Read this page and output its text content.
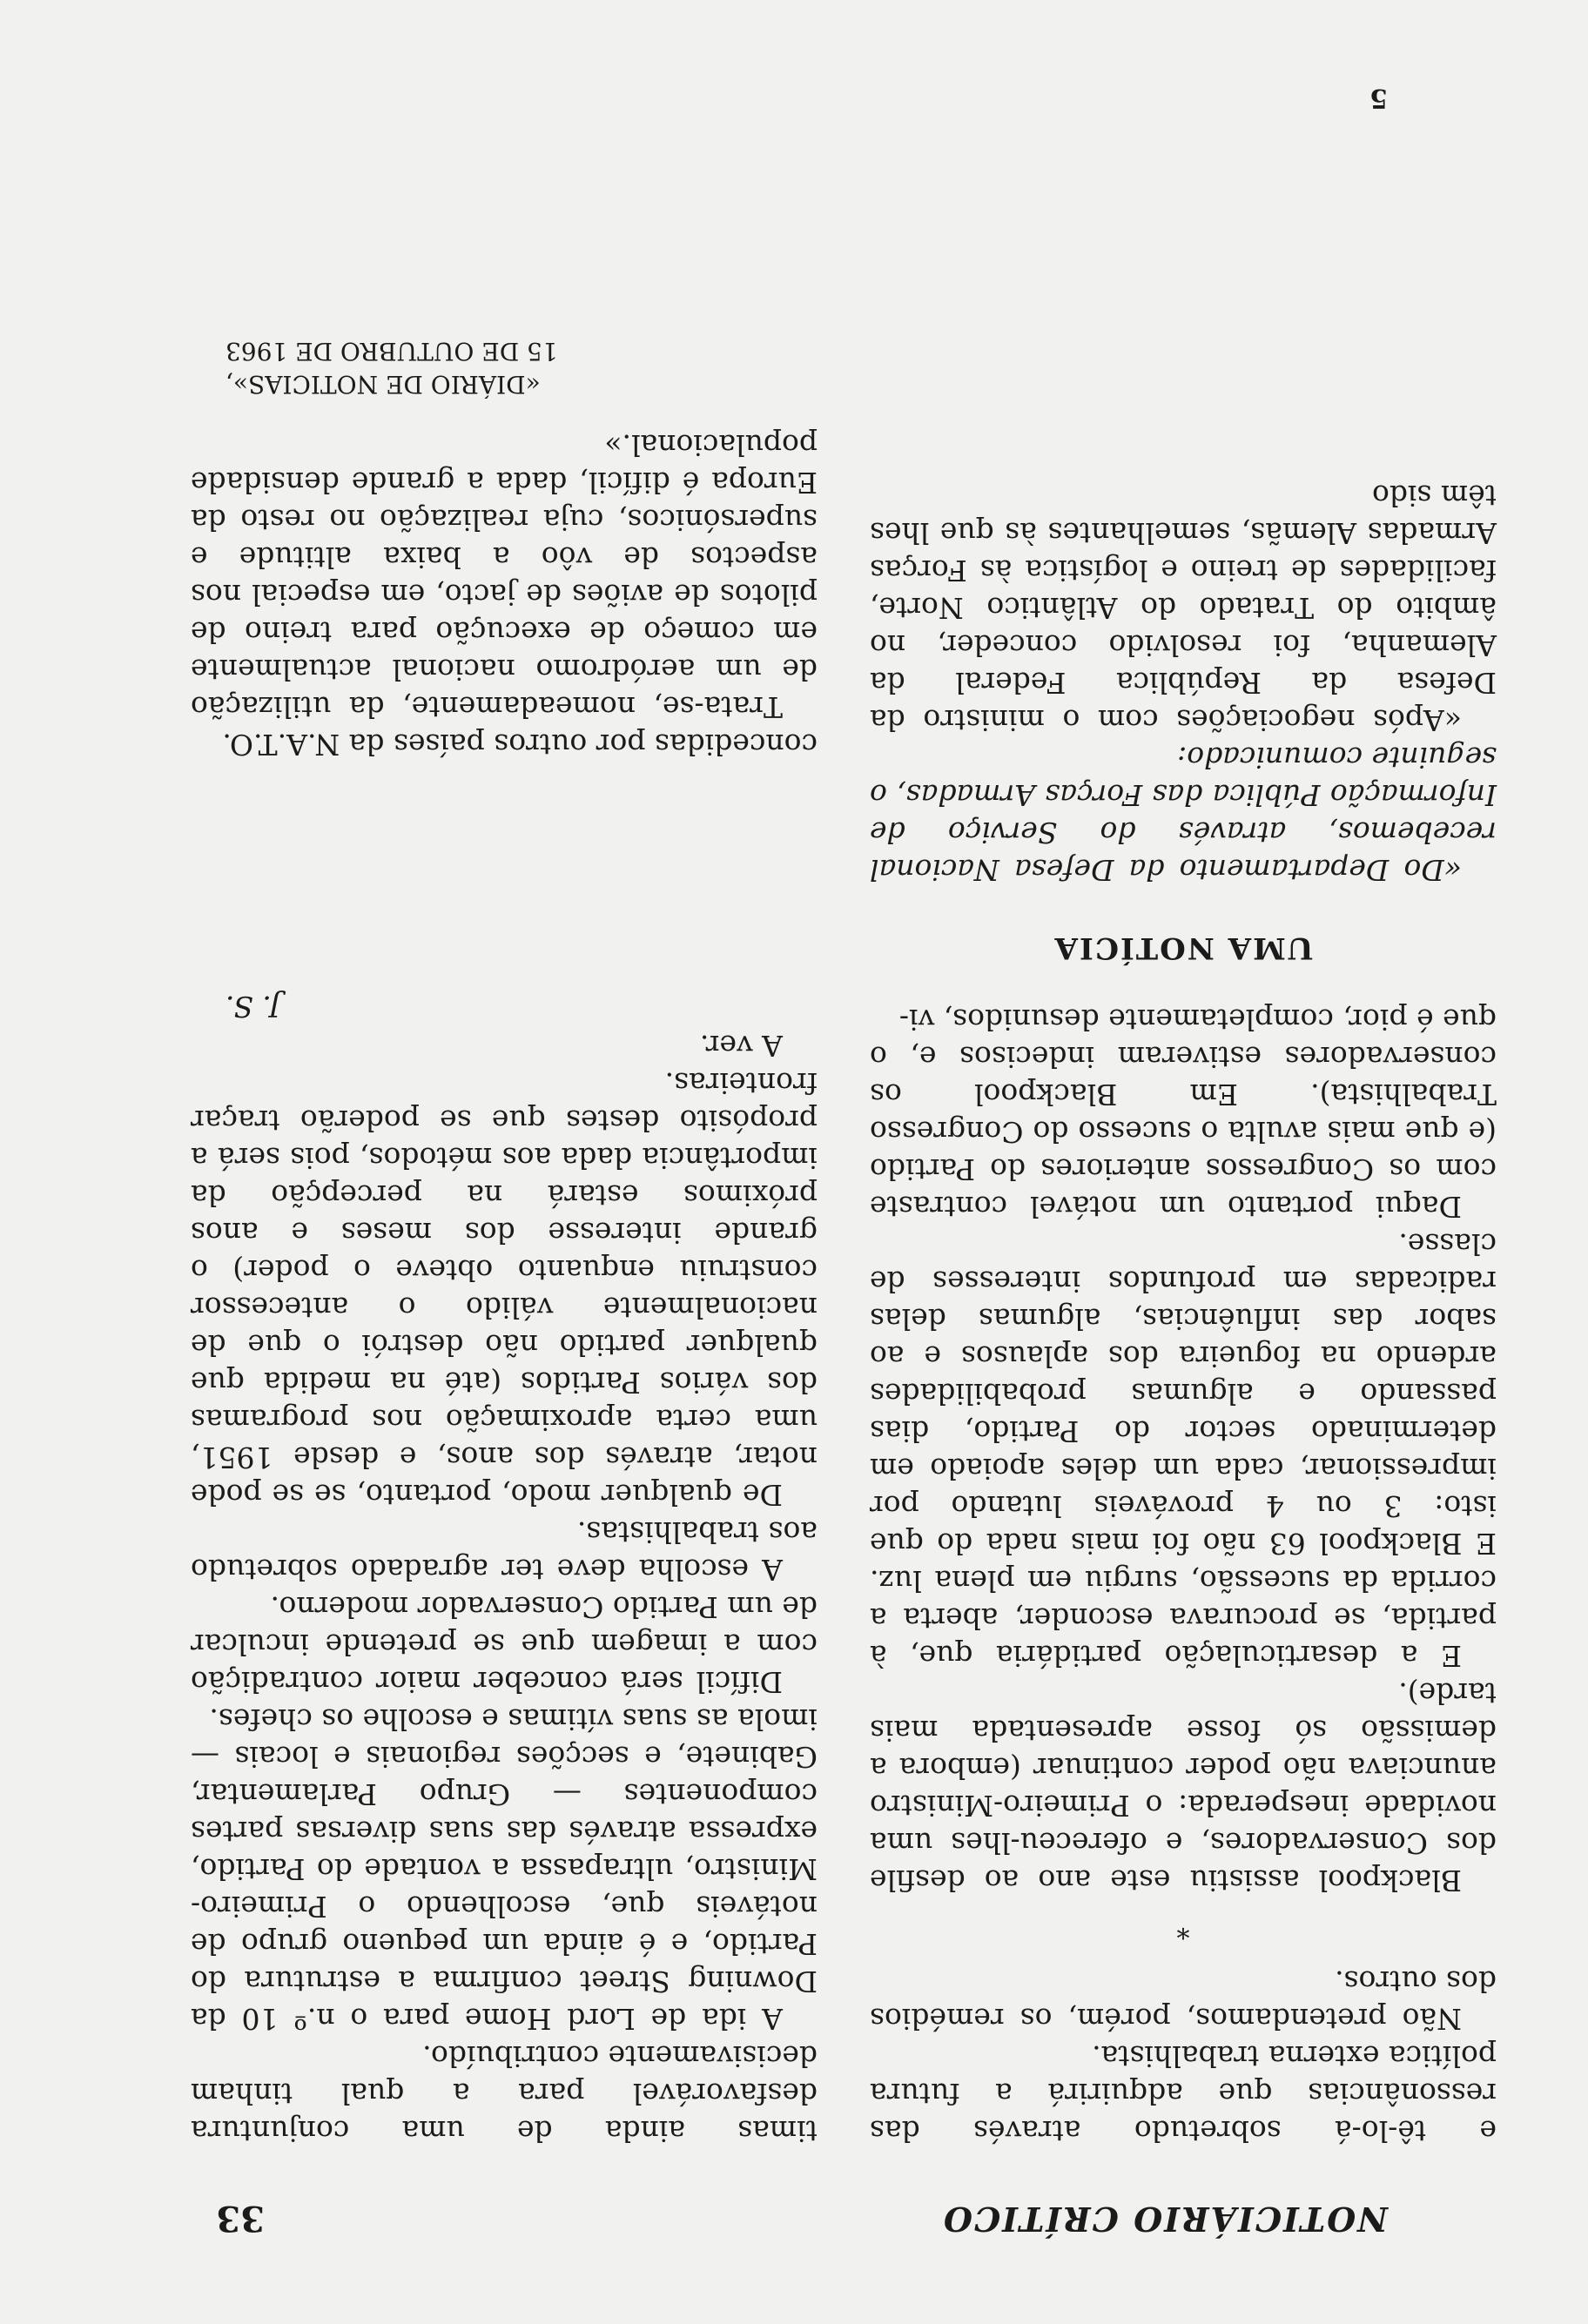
NOTICIÁRIO CRÍTICO
33

e tê-lo-á sobretudo através das ressonâncias que adquirirá a futura política externa trabalhista.

Não pretendamos, porém, os remédios dos outros.

*

Blackpool assistiu este ano ao desfile dos Conservadores, e ofereceu-lhes uma novidade inesperada: o Primeiro-Ministro anunciava não poder continuar (embora a demissão só fosse apresentada mais tarde).

E a desarticulação partidária que, à partida, se procurava esconder, aberta a corrida da sucessão, surgiu em plena luz. E Blackpool 63 não foi mais nada do que isto: 3 ou 4 prováveis lutando por impressionar, cada um deles apoiado em determinado sector do Partido, dias passando e algumas probabilidades ardendo na fogueira dos aplausos e ao sabor das influências, algumas delas radicadas em profundos interesses de classe.

Daqui portanto um notável contraste com os Congressos anteriores do Partido (e que mais avulta o sucesso do Congresso Trabalhista). Em Blackpool os conservadores estiveram indecisos e, o que é pior, completamente desunidos, vi-

UMA NOTÍCIA

«Do Departamento da Defesa Nacional recebemos, através do Serviço de Informação Pública das Forças Armadas, o seguinte comunicado:

«Após negociações com o ministro da Defesa da República Federal da Alemanha, foi resolvido conceder, no âmbito do Tratado do Atlântico Norte, facilidades de treino e logística às Forças Armadas Alemãs, semelhantes às que lhes têm sido

timas ainda de uma conjuntura desfavorável para a qual tinham decisivamente contribuído.

A ida de Lord Home para o n.º 10 da Downing Street confirma a estrutura do Partido, e é ainda um pequeno grupo de notáveis que, escolhendo o Primeiro-Ministro, ultrapassa a vontade do Partido, expressa através das suas diversas partes componentes — Grupo Parlamentar, Gabinete, e secções regionais e locais — imola as suas vítimas e escolhe os chefes.

Difícil será conceber maior contradição com a imagem que se pretende inculcar de um Partido Conservador moderno.

A escolha deve ter agradado sobretudo aos trabalhistas.

De qualquer modo, portanto, se se pode notar, através dos anos, e desde 1951, uma certa aproximação nos programas dos vários Partidos (até na medida que qualquer partido não destrói o que de nacionalmente válido o antecessor construiu enquanto obteve o poder) o grande interesse dos meses e anos próximos estará na percepção da importância dada aos métodos, pois será a propósito destes que se poderão traçar fronteiras.

A ver.

J. S.

concedidas por outros países da N.A.T.O.

Trata-se, nomeadamente, da utilização de um aeródromo nacional actualmente em começo de execução para treino de pilotos de aviões de jacto, em especial nos aspectos de vôo a baixa altitude e supersónicos, cuja realização no resto da Europa é difícil, dada a grande densidade populacional.»

«DIÁRIO DE NOTICIAS»,
15 DE OUTUBRO DE 1963
5
